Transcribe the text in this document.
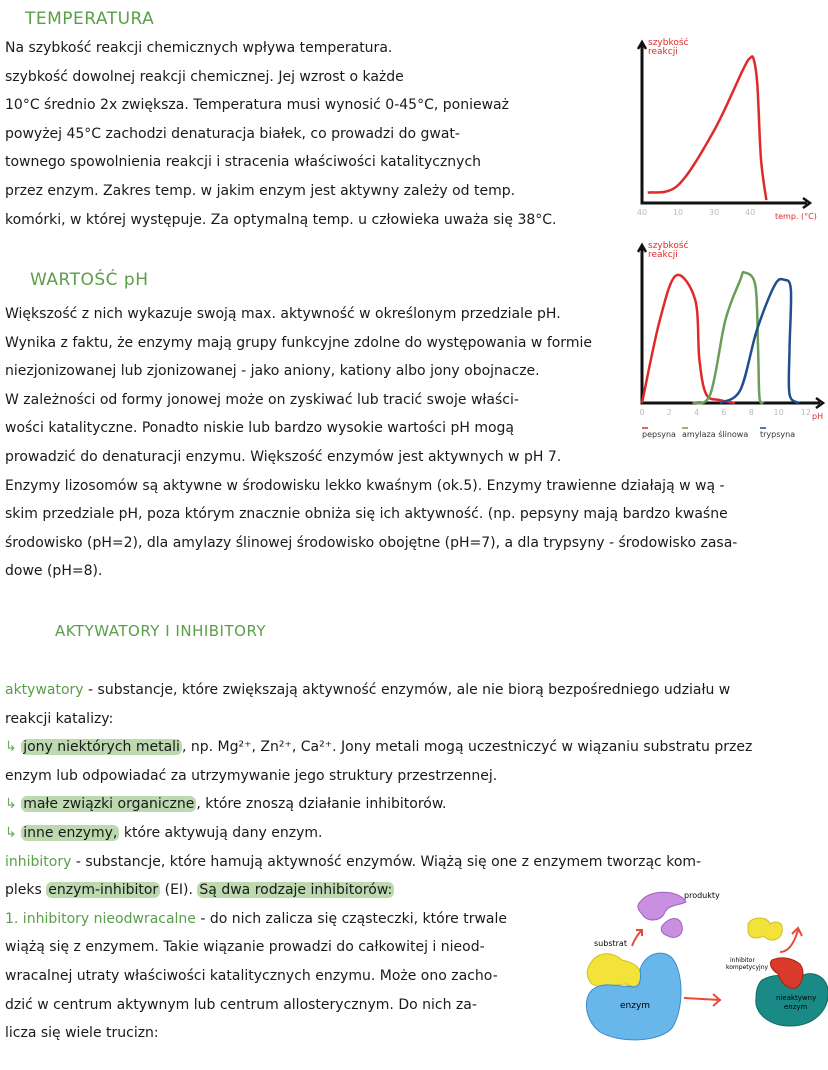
TEMPERATURA
Na szybkość reakcji chemicznych wpływa temperatura.
szybkość dowolnej reakcji chemicznej. Jej wzrost o każde
10°C średnio 2x zwiększa. Temperatura musi wynosić 0-45°C, ponieważ
powyżej 45°C zachodzi denaturacja białek, co prowadzi do gwat-
townego spowolnienia reakcji i stracenia właściwości katalitycznych
przez enzym. Zakres temp. w jakim enzym jest aktywny zależy od temp.
komórki, w której występuje. Za optymalną temp. u człowieka uważa się 38°C.
WARTOŚĆ pH
Większość z nich wykazuje swoją max. aktywność w określonym przedziale pH.
Wynika z faktu, że enzymy mają grupy funkcyjne zdolne do występowania w formie
niezjonizowanej lub zjonizowanej - jako aniony, kationy albo jony obojnacze.
W zależności od formy jonowej może on zyskiwać lub tracić swoje właści-
wości katalityczne. Ponadto niskie lub bardzo wysokie wartości pH mogą
prowadzić do denaturacji enzymu. Większość enzymów jest aktywnych w pH 7.
Enzymy lizosomów są aktywne w środowisku lekko kwaśnym (ok.5). Enzymy trawienne działają w wą -
skim przedziale pH, poza którym znacznie obniża się ich aktywność. (np. pepsyny mają bardzo kwaśne
środowisko (pH=2), dla amylazy ślinowej środowisko obojętne (pH=7), a dla trypsyny - środowisko zasa-
dowe (pH=8).
AKTYWATORY I INHIBITORY
aktywatory - substancje, które zwiększają aktywność enzymów, ale nie biorą bezpośredniego udziału w
reakcji katalizy:
↳ jony niektórych metali , np. Mg²⁺, Zn²⁺, Ca²⁺. Jony metali mogą uczestniczyć w wiązaniu substratu przez
enzym lub odpowiadać za utrzymywanie jego struktury przestrzennej.
↳ małe związki organiczne , które znoszą działanie inhibitorów.
↳ inne enzymy, które aktywują dany enzym.
inhibitory - substancje, które hamują aktywność enzymów. Wiążą się one z enzymem tworząc kom-
pleks enzym-inhibitor (EI). Są dwa rodzaje inhibitorów:
1. inhibitory nieodwracalne - do nich zalicza się cząsteczki, które trwale
wiążą się z enzymem. Takie wiązanie prowadzi do całkowitej i nieod-
wracalnej utraty właściwości katalitycznych enzymu. Może ono zacho-
dzić w centrum aktywnym lub centrum allosterycznym. Do nich za-
licza się wiele trucizn:
szybkość
reakcji
temp. (°C)
40	10	30	40
szybkość
reakcji
pH
0	2	4	6	8 10 12
pepsyna amylaza ślinowa trypsyna
produkty
substrat
enzym
inhibitor
kompetycyjny
nieaktywny
enzym
